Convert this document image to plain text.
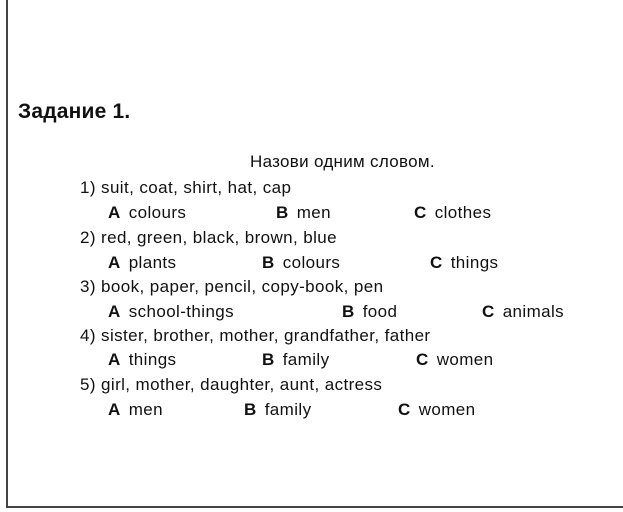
Задание 1.
Назови одним словом.
1) suit, coat, shirt, hat, cap
A colours	B men	C clothes
2) red, green, black, brown, blue
A plants	B colours	C things
3) book, paper, pencil, copy-book, pen
A school-things	B food	C animals
4) sister, brother, mother, grandfather, father
A things	B family	C women
5) girl, mother, daughter, aunt, actress
A men	B family	C women
